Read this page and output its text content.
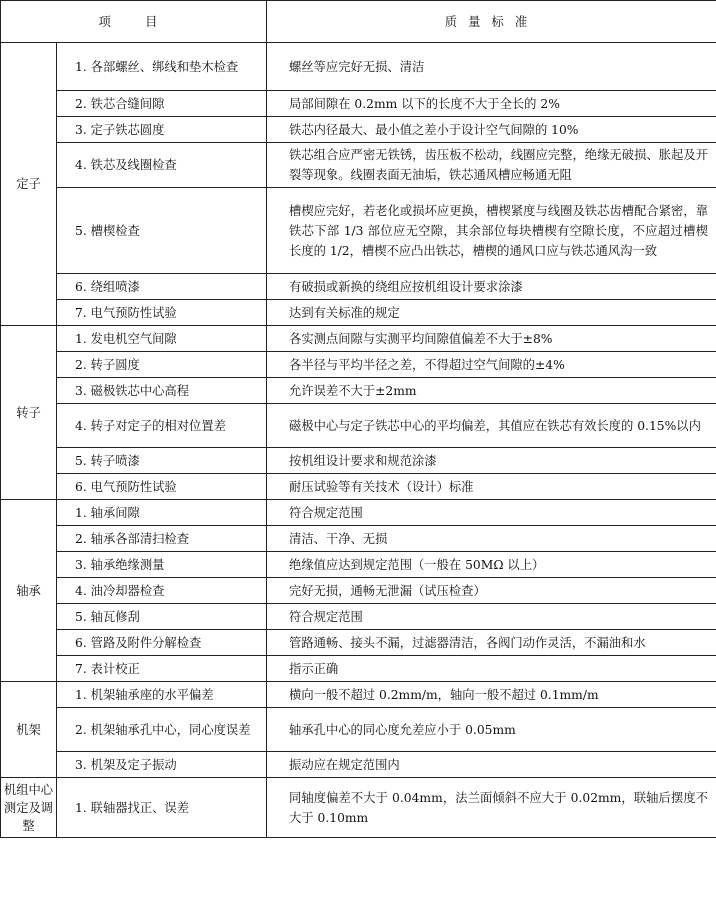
项　目		质量标准
定子	1. 各部螺丝、绑线和垫木检查	螺丝等应完好无损、清洁
	2. 铁芯合缝间隙	局部间隙在 0.2mm 以下的长度不大于全长的 2%
	3. 定子铁芯圆度	铁芯内径最大、最小值之差小于设计空气间隙的 10%
	4. 铁芯及线圈检查	铁芯组合应严密无铁锈，齿压板不松动，线圈应完整，绝缘无破损、胀起及开裂等现象。线圈表面无油垢，铁芯通风槽应畅通无阻
	5. 槽楔检查	槽楔应完好，若老化或损坏应更换，槽楔紧度与线圈及铁芯齿槽配合紧密，靠铁芯下部 1/3 部位应无空隙，其余部位每块槽楔有空隙长度，不应超过槽楔长度的 1/2，槽楔不应凸出铁芯，槽楔的通风口应与铁芯通风沟一致
	6. 绕组喷漆	有破损或新换的绕组应按机组设计要求涂漆
	7. 电气预防性试验	达到有关标准的规定
转子	1. 发电机空气间隙	各实测点间隙与实测平均间隙值偏差不大于±8%
	2. 转子圆度	各半径与平均半径之差，不得超过空气间隙的±4%
	3. 磁极铁芯中心高程	允许误差不大于±2mm
	4. 转子对定子的相对位置差	磁极中心与定子铁芯中心的平均偏差，其值应在铁芯有效长度的 0.15%以内
	5. 转子喷漆	按机组设计要求和规范涂漆
	6. 电气预防性试验	耐压试验等有关技术（设计）标准
轴承	1. 轴承间隙	符合规定范围
	2. 轴承各部清扫检查	清洁、干净、无损
	3. 轴承绝缘测量	绝缘值应达到规定范围（一般在 50MΩ 以上）
	4. 油冷却器检查	完好无损，通畅无泄漏（试压检查）
	5. 轴瓦修刮	符合规定范围
	6. 管路及附件分解检查	管路通畅、接头不漏，过滤器清洁，各阀门动作灵活，不漏油和水
	7. 表计校正	指示正确
机架	1. 机架轴承座的水平偏差	横向一般不超过 0.2mm/m，轴向一般不超过 0.1mm/m
	2. 机架轴承孔中心，同心度误差	轴承孔中心的同心度允差应小于 0.05mm
	3. 机架及定子振动	振动应在规定范围内
机组中心测定及调整	1. 联轴器找正、误差	同轴度偏差不大于 0.04mm，法兰面倾斜不应大于 0.02mm，联轴后摆度不大于 0.10mm
